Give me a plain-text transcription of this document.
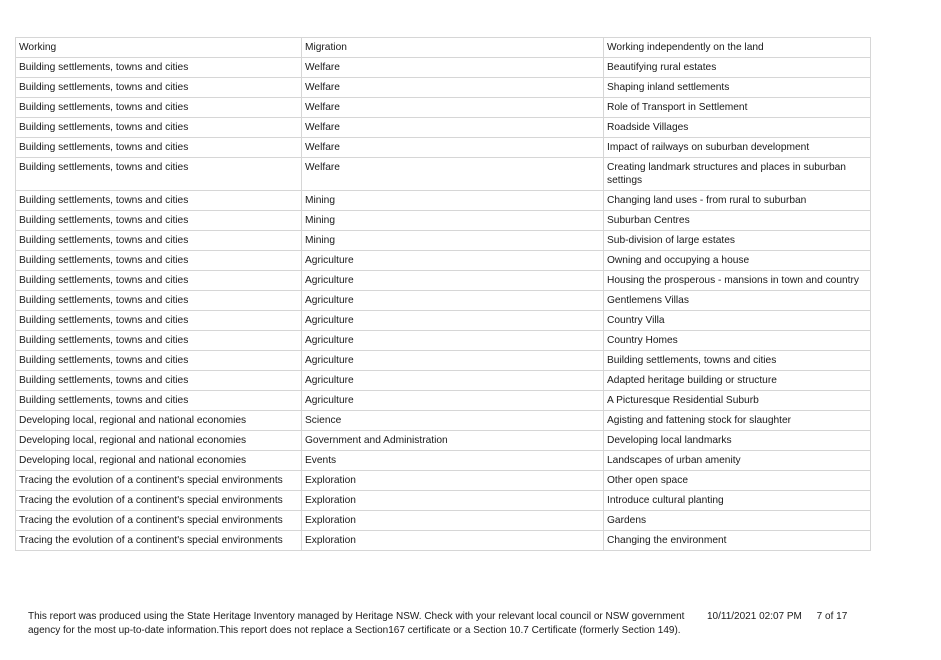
Working	Migration	Working independently on the land
Building settlements, towns and cities	Welfare	Beautifying rural estates
Building settlements, towns and cities	Welfare	Shaping inland settlements
Building settlements, towns and cities	Welfare	Role of Transport in Settlement
Building settlements, towns and cities	Welfare	Roadside Villages
Building settlements, towns and cities	Welfare	Impact of railways on suburban development
Building settlements, towns and cities	Welfare	Creating landmark structures and places in suburban settings
Building settlements, towns and cities	Mining	Changing land uses - from rural to suburban
Building settlements, towns and cities	Mining	Suburban Centres
Building settlements, towns and cities	Mining	Sub-division of large estates
Building settlements, towns and cities	Agriculture	Owning and occupying a house
Building settlements, towns and cities	Agriculture	Housing the prosperous - mansions in town and country
Building settlements, towns and cities	Agriculture	Gentlemens Villas
Building settlements, towns and cities	Agriculture	Country Villa
Building settlements, towns and cities	Agriculture	Country Homes
Building settlements, towns and cities	Agriculture	Building settlements, towns and cities
Building settlements, towns and cities	Agriculture	Adapted heritage building or structure
Building settlements, towns and cities	Agriculture	A Picturesque Residential Suburb
Developing local, regional and national economies	Science	Agisting and fattening stock for slaughter
Developing local, regional and national economies	Government and Administration	Developing local landmarks
Developing local, regional and national economies	Events	Landscapes of urban amenity
Tracing the evolution of a continent's special environments	Exploration	Other open space
Tracing the evolution of a continent's special environments	Exploration	Introduce cultural planting
Tracing the evolution of a continent's special environments	Exploration	Gardens
Tracing the evolution of a continent's special environments	Exploration	Changing the environment
This report was produced using the State Heritage Inventory managed by Heritage NSW. Check with your relevant local council or NSW government agency for the most up-to-date information.This report does not replace a Section167 certificate or a Section 10.7 Certificate (formerly Section 149).
10/11/2021 02:07 PM 7 of 17
